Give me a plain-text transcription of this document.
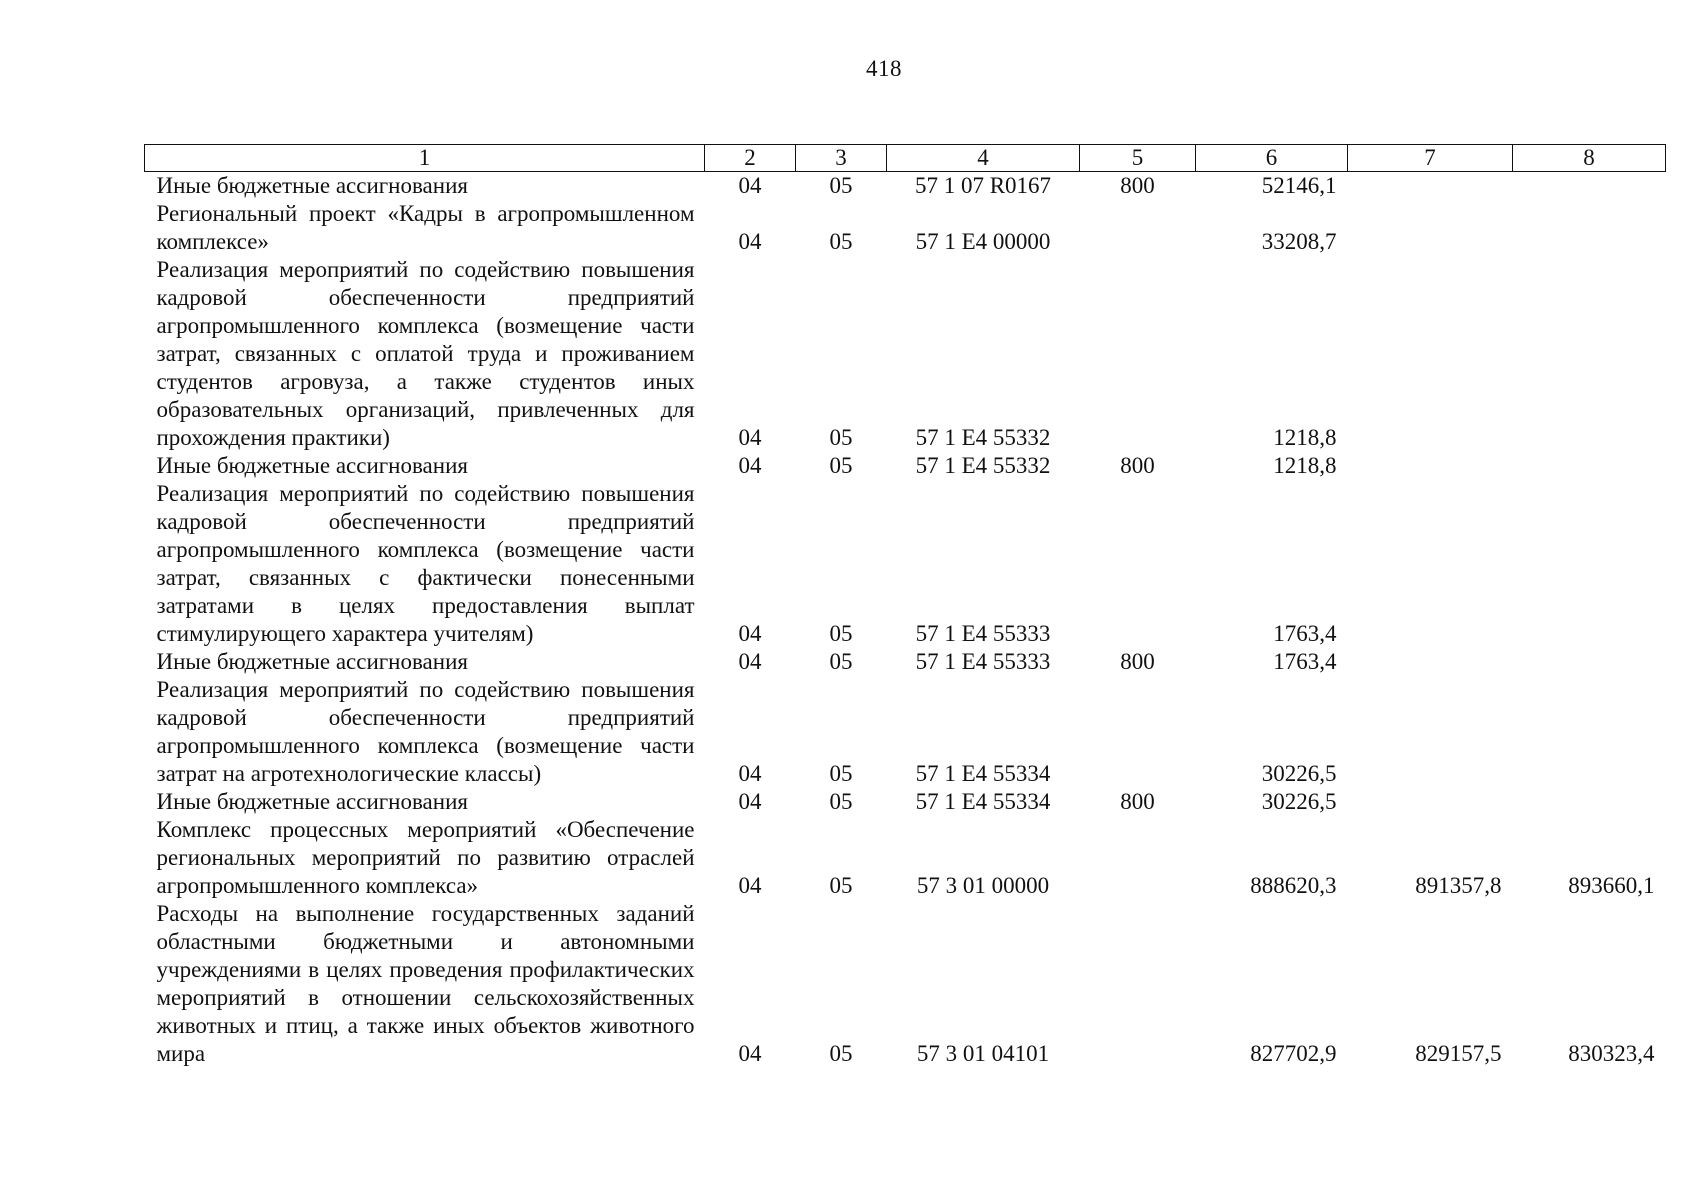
418
1	2	3	4	5	6	7	8
Иные бюджетные ассигнования	04	05	57 1 07 R0167	800	52146,1		
Региональный проект «Кадры в агропромышленном комплексе»	04	05	57 1 Е4 00000		33208,7		
Реализация мероприятий по содействию повышения кадровой обеспеченности предприятий агропромышленного комплекса (возмещение части затрат, связанных с оплатой труда и проживанием студентов агровуза, а также студентов иных образовательных организаций, привлеченных для прохождения практики)	04	05	57 1 Е4 55332		1218,8		
Иные бюджетные ассигнования	04	05	57 1 Е4 55332	800	1218,8		
Реализация мероприятий по содействию повышения кадровой обеспеченности предприятий агропромышленного комплекса (возмещение части затрат, связанных с фактически понесенными затратами в целях предоставления выплат стимулирующего характера учителям)	04	05	57 1 Е4 55333		1763,4		
Иные бюджетные ассигнования	04	05	57 1 Е4 55333	800	1763,4		
Реализация мероприятий по содействию повышения кадровой обеспеченности предприятий агропромышленного комплекса (возмещение части затрат на агротехнологические классы)	04	05	57 1 Е4 55334		30226,5		
Иные бюджетные ассигнования	04	05	57 1 Е4 55334	800	30226,5		
Комплекс процессных мероприятий «Обеспечение региональных мероприятий по развитию отраслей агропромышленного комплекса»	04	05	57 3 01 00000		888620,3	891357,8	893660,1
Расходы на выполнение государственных заданий областными бюджетными и автономными учреждениями в целях проведения профилактических мероприятий в отношении сельскохозяйственных животных и птиц, а также иных объектов животного мира	04	05	57 3 01 04101		827702,9	829157,5	830323,4
